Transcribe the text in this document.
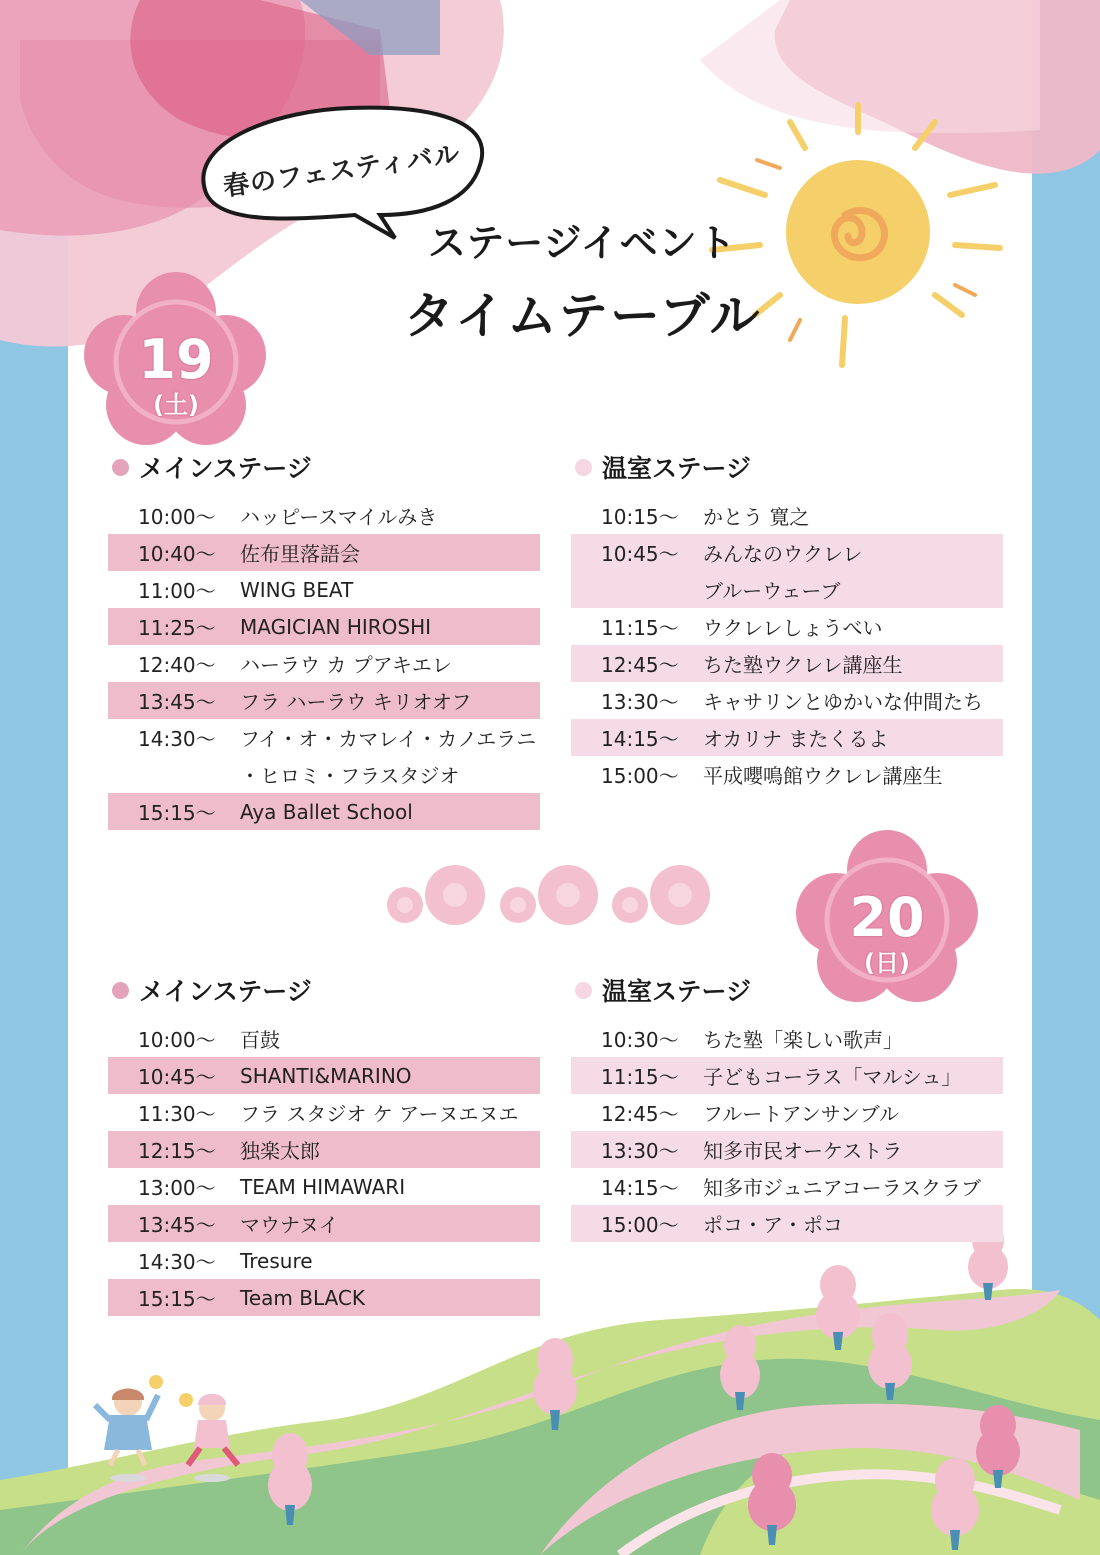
春のフェスティバル
ステージイベント
タイムテーブル
19
(土)
20
(日)
メインステージ
10:00〜	ハッピースマイルみき
10:40〜	佐布里落語会
11:00〜	WING BEAT
11:25〜	MAGICIAN HIROSHI
12:40〜	ハーラウ カ プアキエレ
13:45〜	フラ ハーラウ キリオオフ
14:30〜	フイ・オ・カマレイ・カノエラニ
・ヒロミ・フラスタジオ
15:15〜	Aya Ballet School
温室ステージ
10:15〜	かとう 寛之
10:45〜	みんなのウクレレ
ブルーウェーブ
11:15〜	ウクレレしょうべい
12:45〜	ちた塾ウクレレ講座生
13:30〜	キャサリンとゆかいな仲間たち
14:15〜	オカリナ またくるよ
15:00〜	平成嚶鳴館ウクレレ講座生
メインステージ
10:00〜	百鼓
10:45〜	SHANTI&MARINO
11:30〜	フラ スタジオ ケ アーヌエヌエ
12:15〜	独楽太郎
13:00〜	TEAM HIMAWARI
13:45〜	マウナヌイ
14:30〜	Tresure
15:15〜	Team BLACK
温室ステージ
10:30〜	ちた塾「楽しい歌声」
11:15〜	子どもコーラス「マルシュ」
12:45〜	フルートアンサンブル
13:30〜	知多市民オーケストラ
14:15〜	知多市ジュニアコーラスクラブ
15:00〜	ポコ・ア・ポコ
